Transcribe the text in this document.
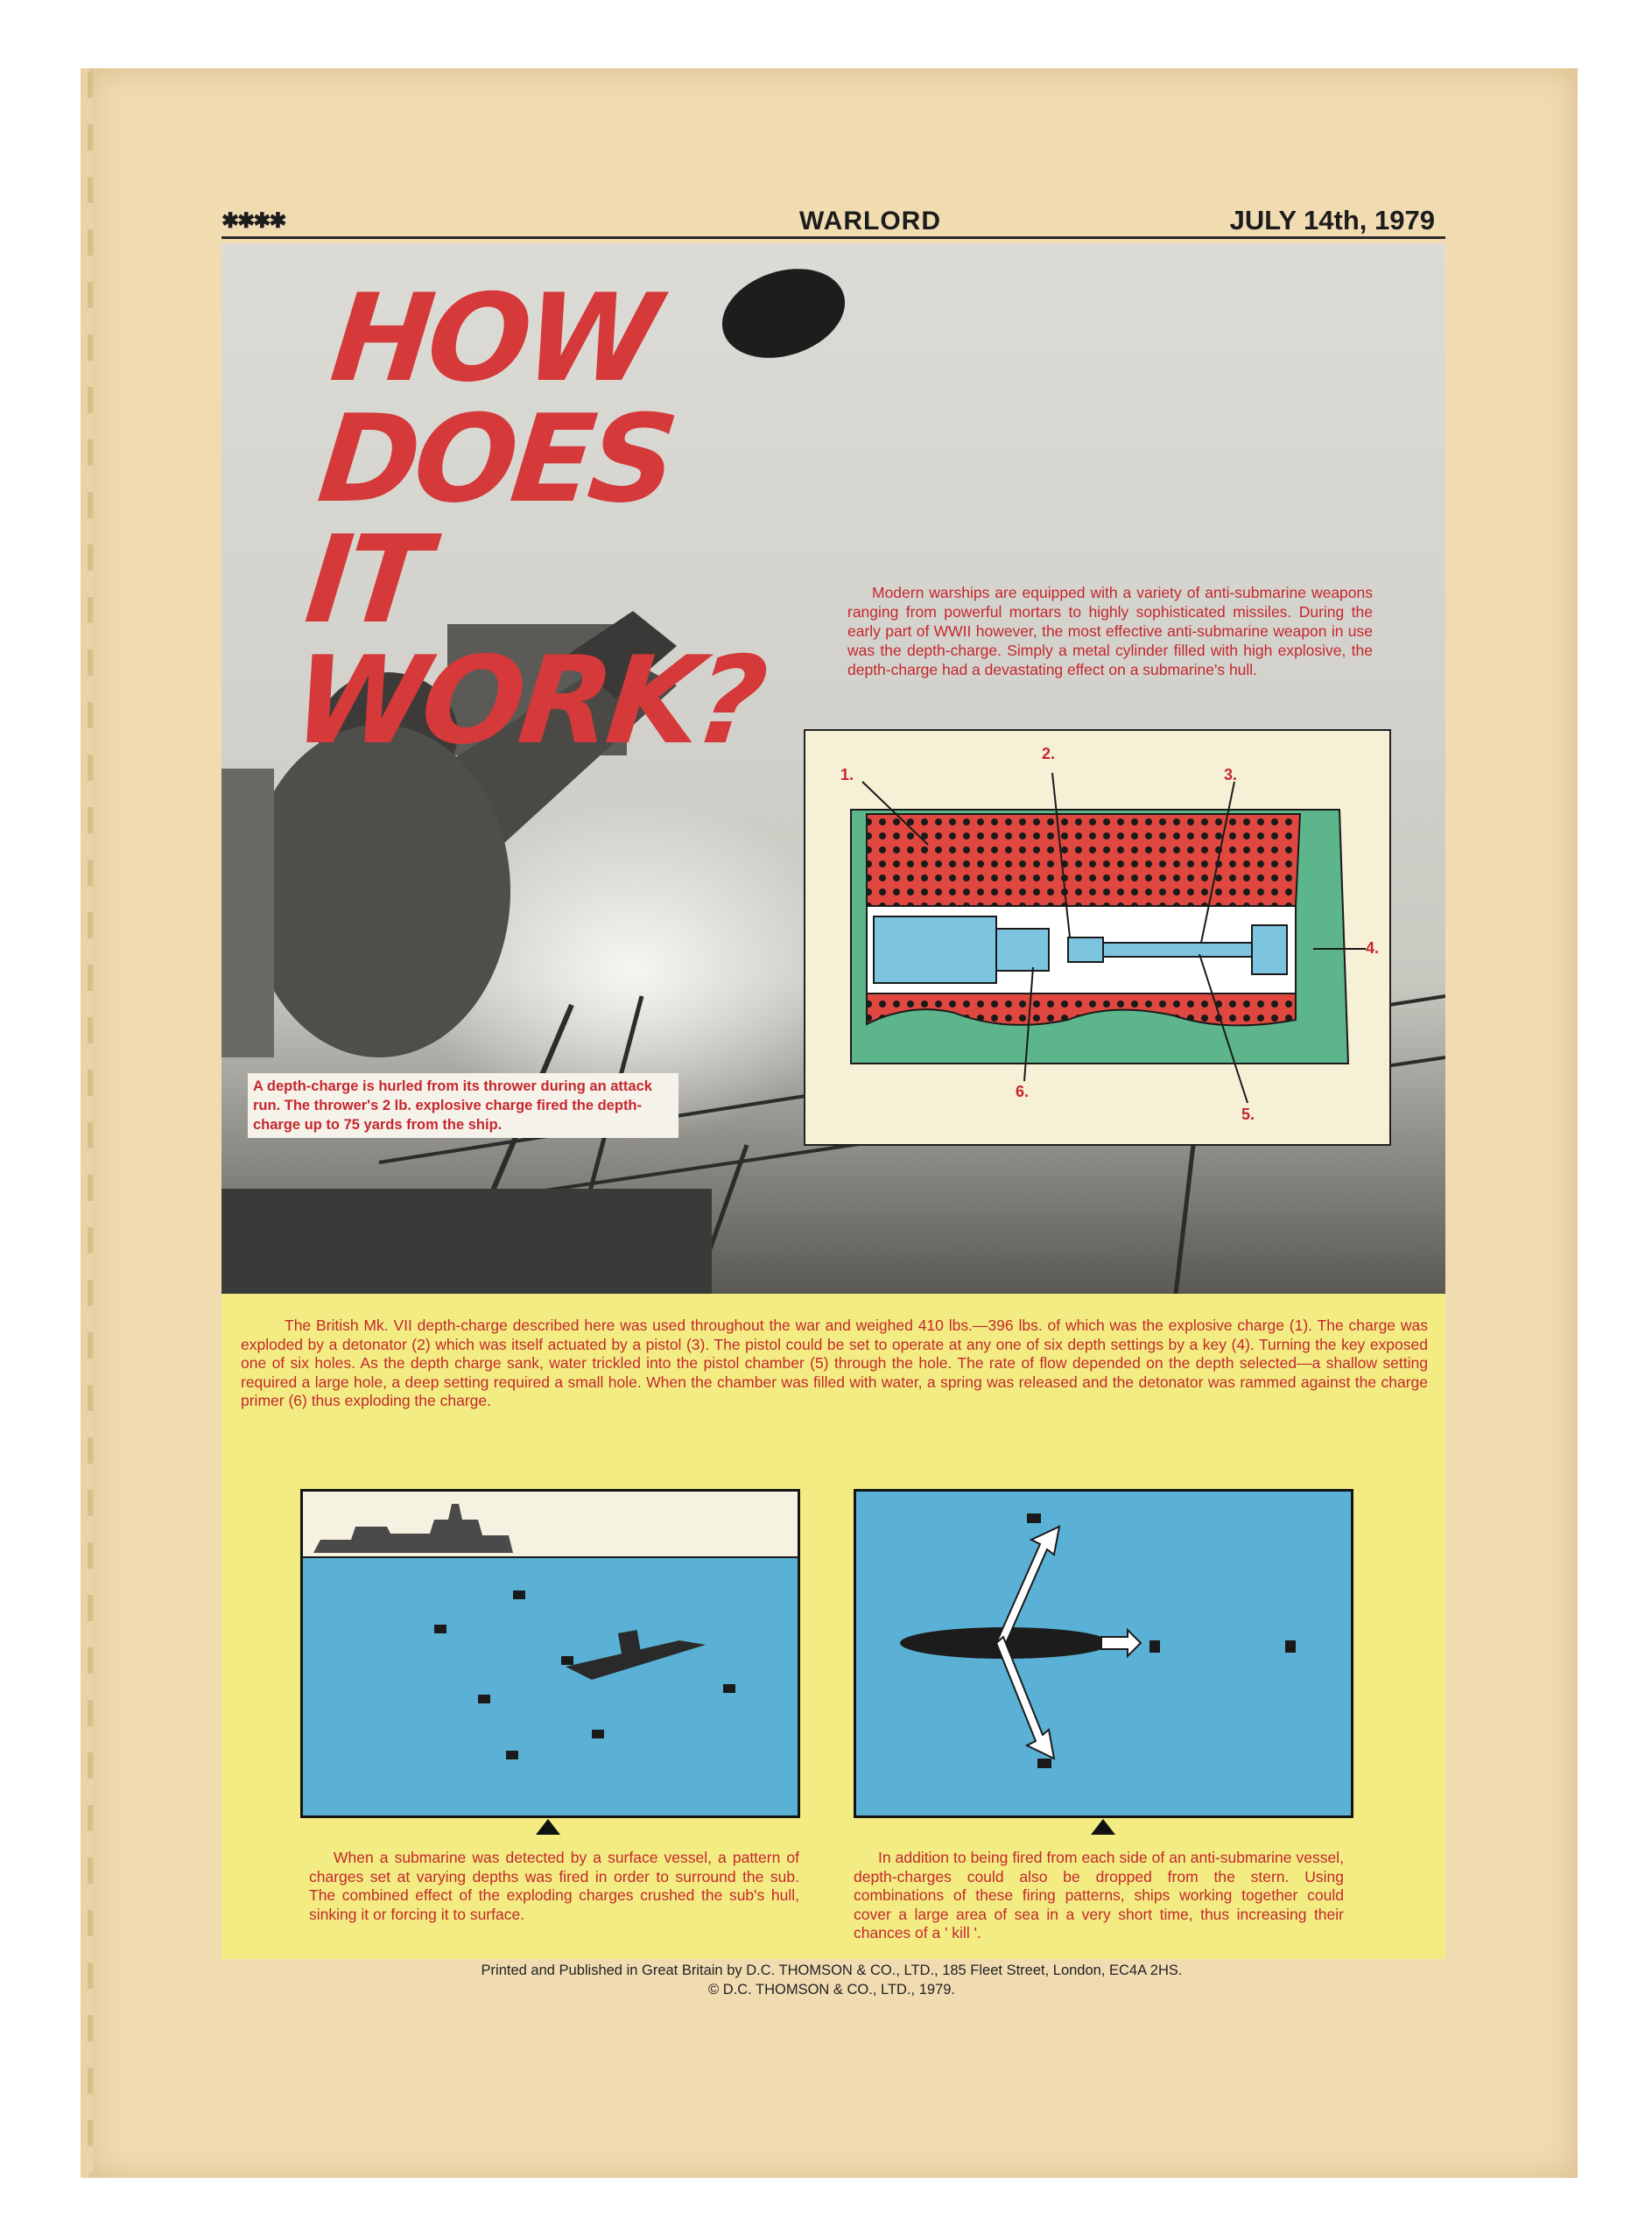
✱✱✱✱	WARLORD	JULY 14th, 1979
HOW DOES
IT WORK?
Modern warships are equipped with a variety of anti-submarine weapons ranging from powerful mortars to highly sophisticated missiles. During the early part of WWII however, the most effective anti-submarine weapon in use was the depth-charge. Simply a metal cylinder filled with high explosive, the depth-charge had a devastating effect on a submarine's hull.
A depth-charge is hurled from its thrower during an attack run. The thrower's 2 lb. explosive charge fired the depth-charge up to 75 yards from the ship.
1.
2.
3.
4.
5.
6.
The British Mk. VII depth-charge described here was used throughout the war and weighed 410 lbs.—396 lbs. of which was the explosive charge (1). The charge was exploded by a detonator (2) which was itself actuated by a pistol (3). The pistol could be set to operate at any one of six depth settings by a key (4). Turning the key exposed one of six holes. As the depth charge sank, water trickled into the pistol chamber (5) through the hole. The rate of flow depended on the depth selected—a shallow setting required a large hole, a deep setting required a small hole. When the chamber was filled with water, a spring was released and the detonator was rammed against the charge primer (6) thus exploding the charge.
When a submarine was detected by a surface vessel, a pattern of charges set at varying depths was fired in order to surround the sub. The combined effect of the exploding charges crushed the sub's hull, sinking it or forcing it to surface.
In addition to being fired from each side of an anti-submarine vessel, depth-charges could also be dropped from the stern. Using combinations of these firing patterns, ships working together could cover a large area of sea in a very short time, thus increasing their chances of a ' kill '.
Printed and Published in Great Britain by D.C. THOMSON & CO., LTD., 185 Fleet Street, London, EC4A 2HS.
© D.C. THOMSON & CO., LTD., 1979.
